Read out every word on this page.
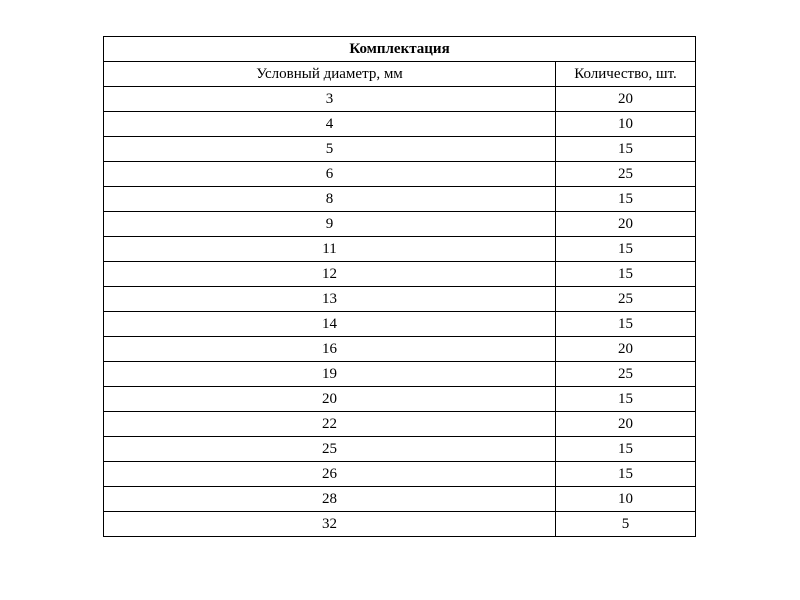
Комплектация	
Условный диаметр, мм	Количество, шт.
3	20
4	10
5	15
6	25
8	15
9	20
11	15
12	15
13	25
14	15
16	20
19	25
20	15
22	20
25	15
26	15
28	10
32	5
